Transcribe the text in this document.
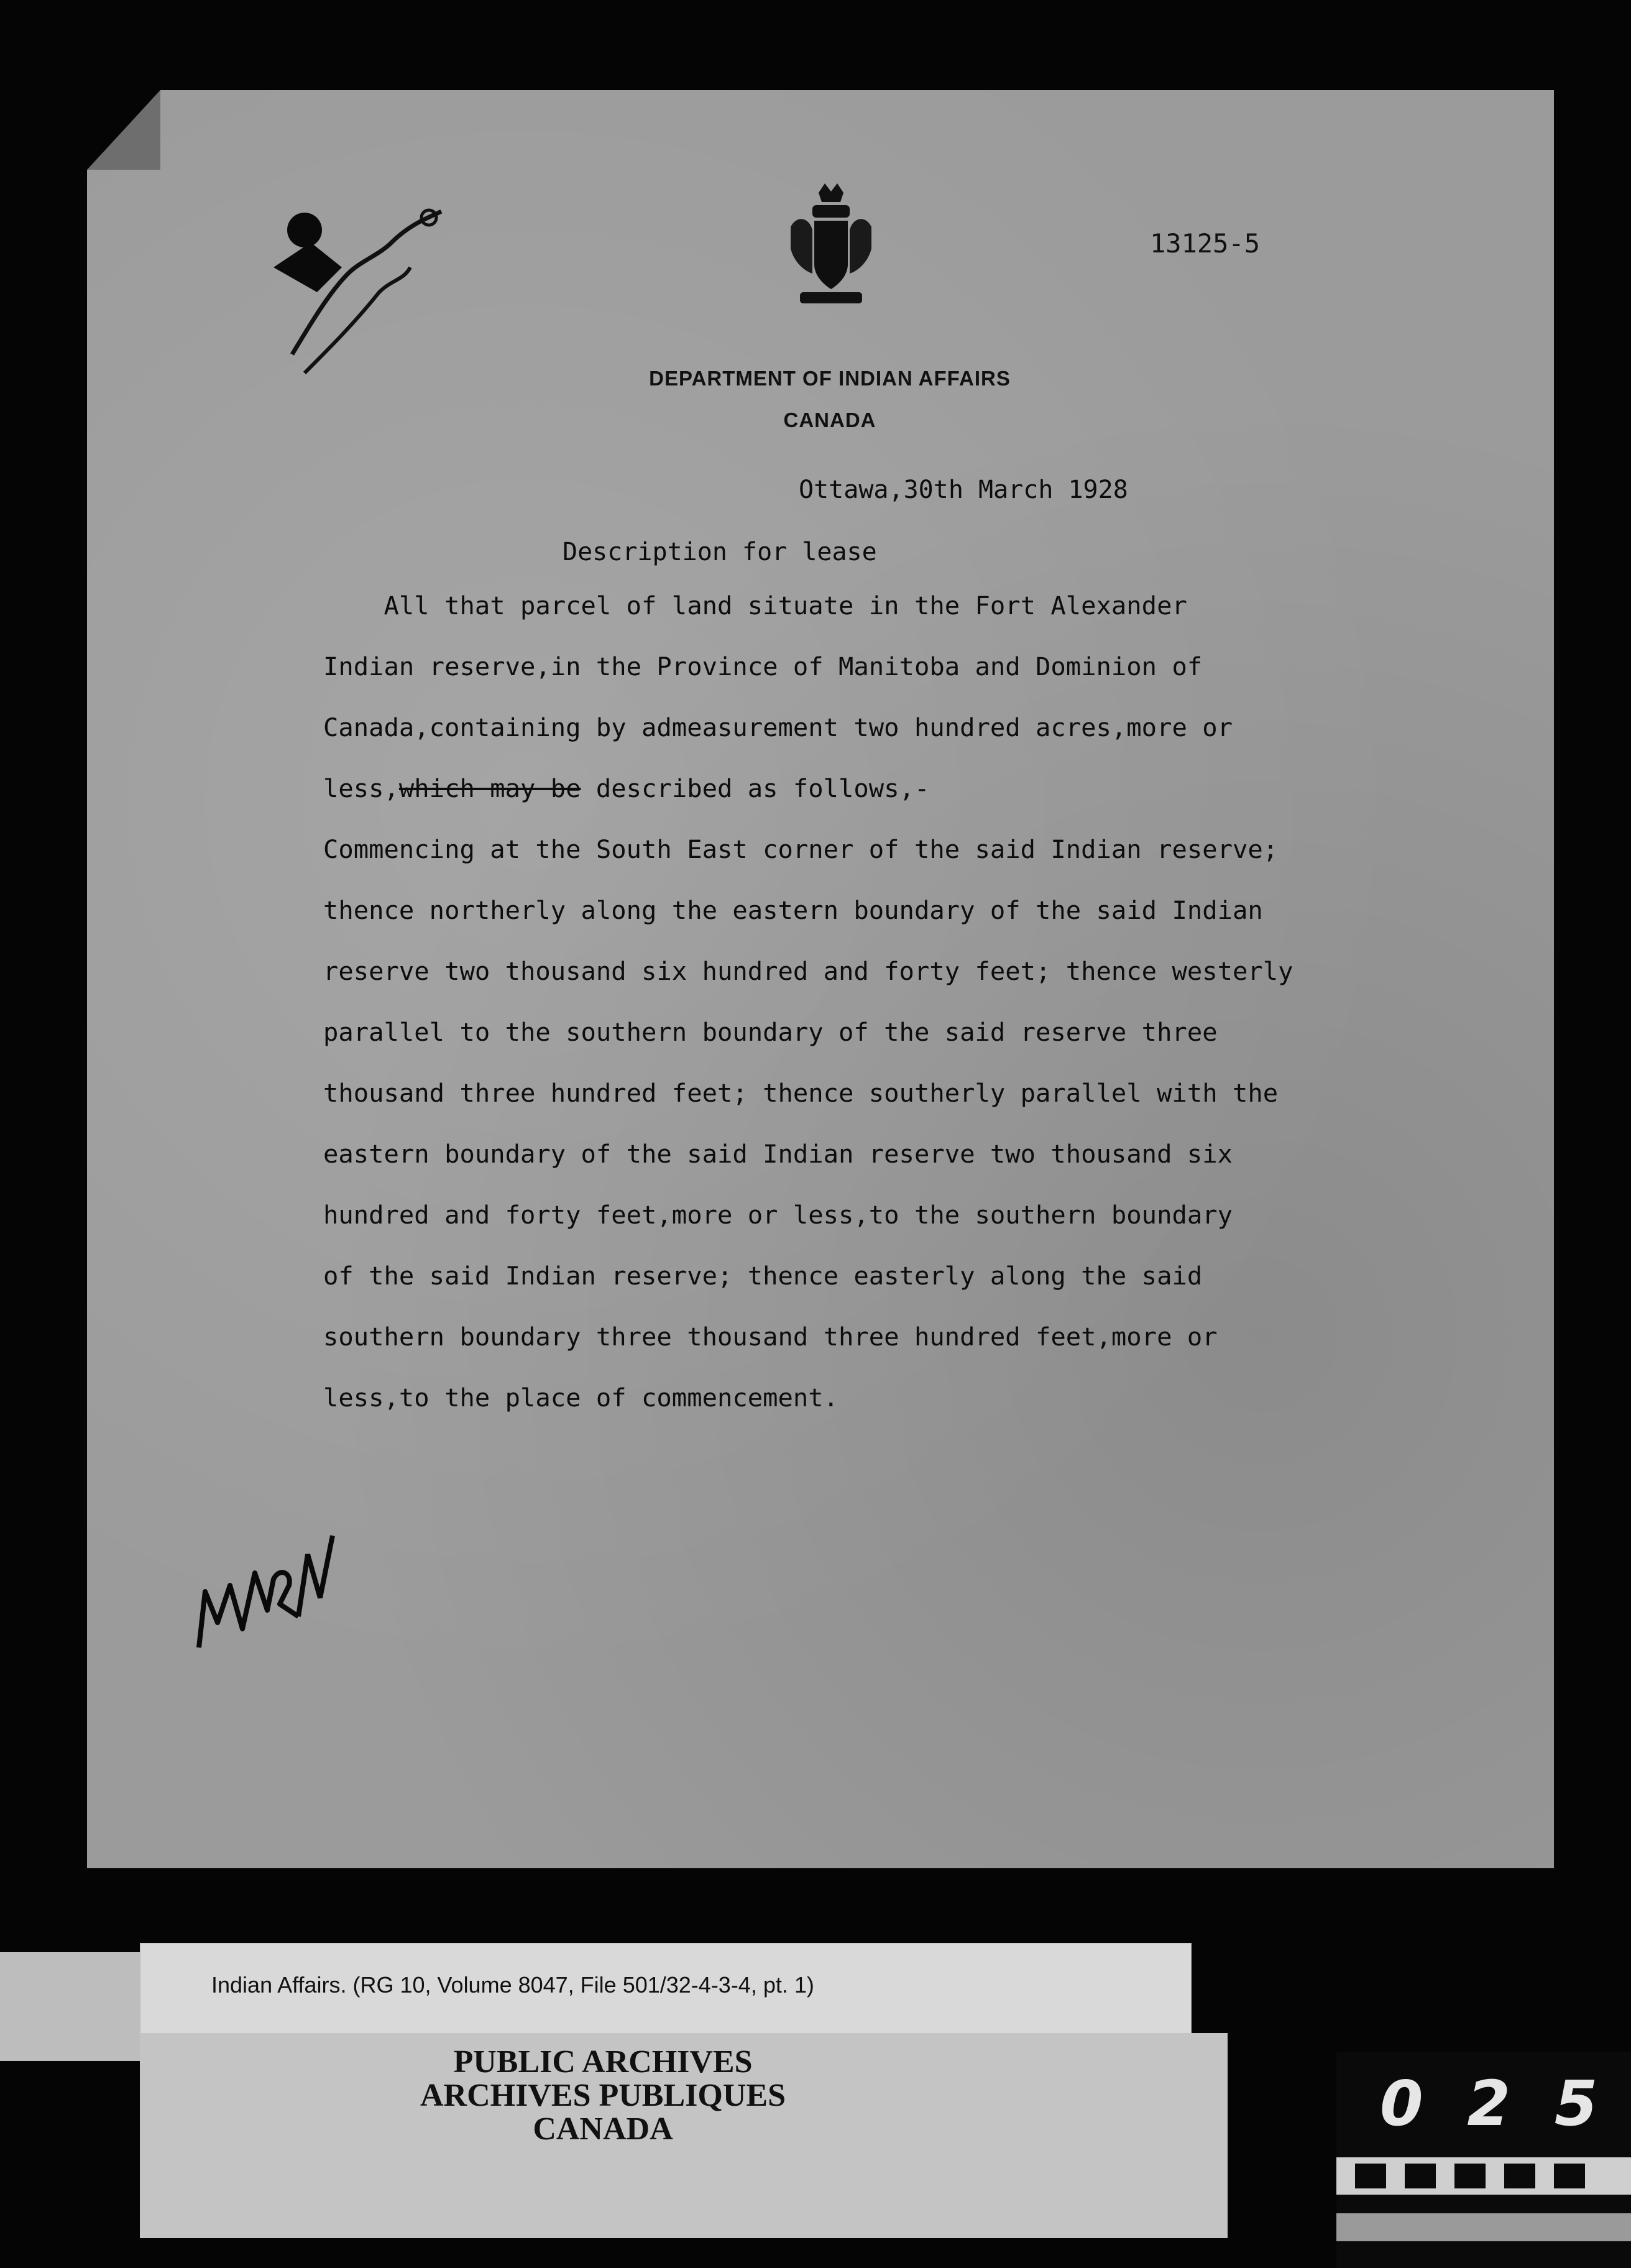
13125-5

DEPARTMENT OF INDIAN AFFAIRS
CANADA

Ottawa,30th March 1928

Description for lease

All that parcel of land situate in the Fort Alexander
Indian reserve,in the Province of Manitoba and Dominion of
Canada,containing by admeasurement two hundred acres,more or
less,which may be described as follows,-
Commencing at the South East corner of the said Indian reserve;
thence northerly along the eastern boundary of the said Indian
reserve two thousand six hundred and forty feet; thence westerly
parallel to the southern boundary of the said reserve three
thousand three hundred feet; thence southerly parallel with the
eastern boundary of the said Indian reserve two thousand six
hundred and forty feet,more or less,to the southern boundary
of the said Indian reserve; thence easterly along the said
southern boundary three thousand three hundred feet,more or
less,to the place of commencement.

Indian Affairs. (RG 10, Volume 8047, File 501/32-4-3-4, pt. 1)

PUBLIC ARCHIVES
ARCHIVES PUBLIQUES
CANADA	0 2 5
